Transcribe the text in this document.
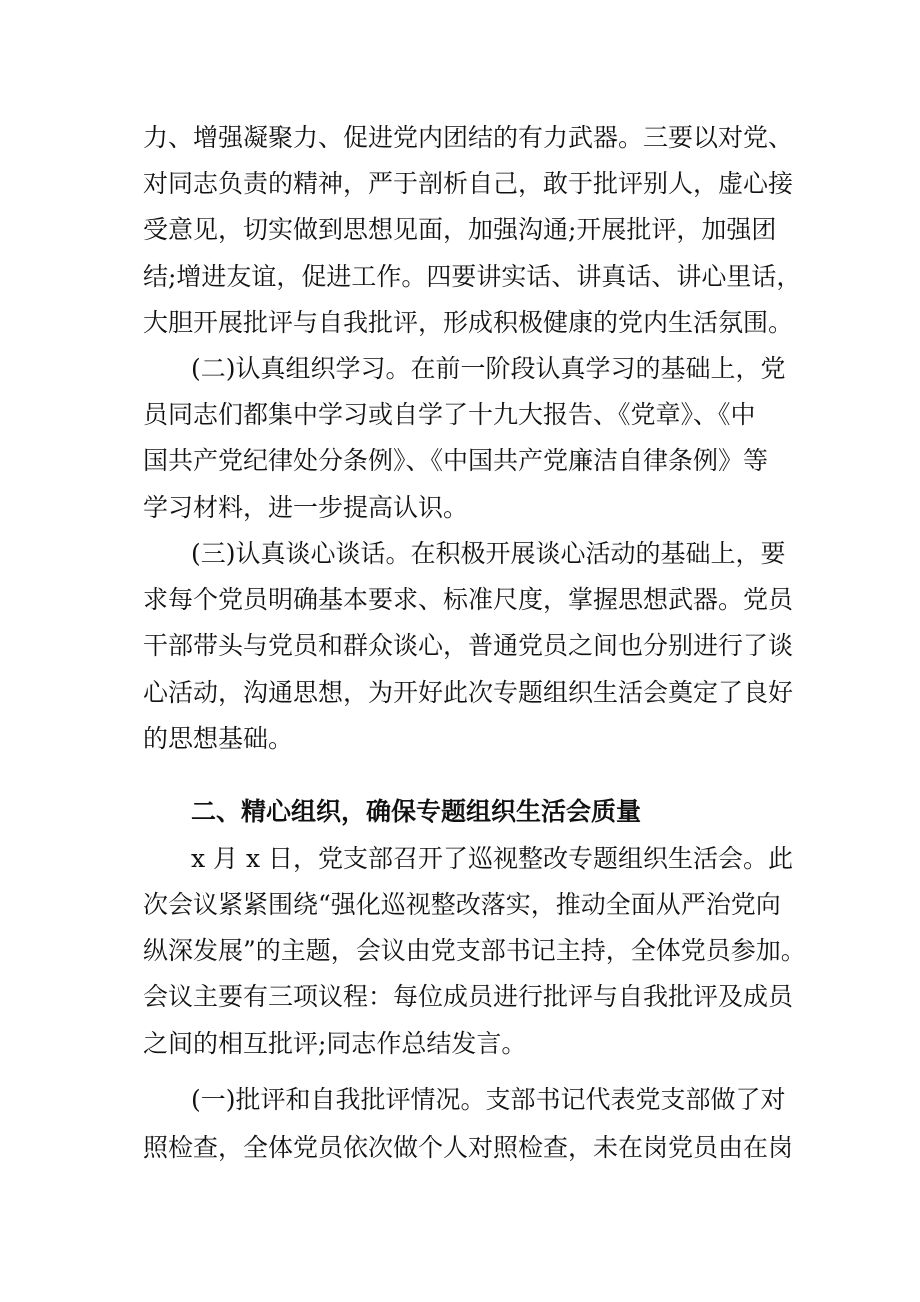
力、增强凝聚力、促进党内团结的有力武器。三要以对党、
对同志负责的精神，严于剖析自己，敢于批评别人，虚心接
受意见，切实做到思想见面，加强沟通;开展批评，加强团
结;增进友谊，促进工作。四要讲实话、讲真话、讲心里话，
大胆开展批评与自我批评，形成积极健康的党内生活氛围。
(二)认真组织学习。在前一阶段认真学习的基础上，党
员同志们都集中学习或自学了十九大报告、《党章》、《中
国共产党纪律处分条例》、《中国共产党廉洁自律条例》等
学习材料，进一步提高认识。
(三)认真谈心谈话。在积极开展谈心活动的基础上，要
求每个党员明确基本要求、标准尺度，掌握思想武器。党员
干部带头与党员和群众谈心，普通党员之间也分别进行了谈
心活动，沟通思想，为开好此次专题组织生活会奠定了良好
的思想基础。
二、精心组织，确保专题组织生活会质量
x 月 x 日，党支部召开了巡视整改专题组织生活会。此
次会议紧紧围绕“强化巡视整改落实，推动全面从严治党向
纵深发展”的主题，会议由党支部书记主持，全体党员参加。
会议主要有三项议程：每位成员进行批评与自我批评及成员
之间的相互批评;同志作总结发言。
(一)批评和自我批评情况。支部书记代表党支部做了对
照检查，全体党员依次做个人对照检查，未在岗党员由在岗
